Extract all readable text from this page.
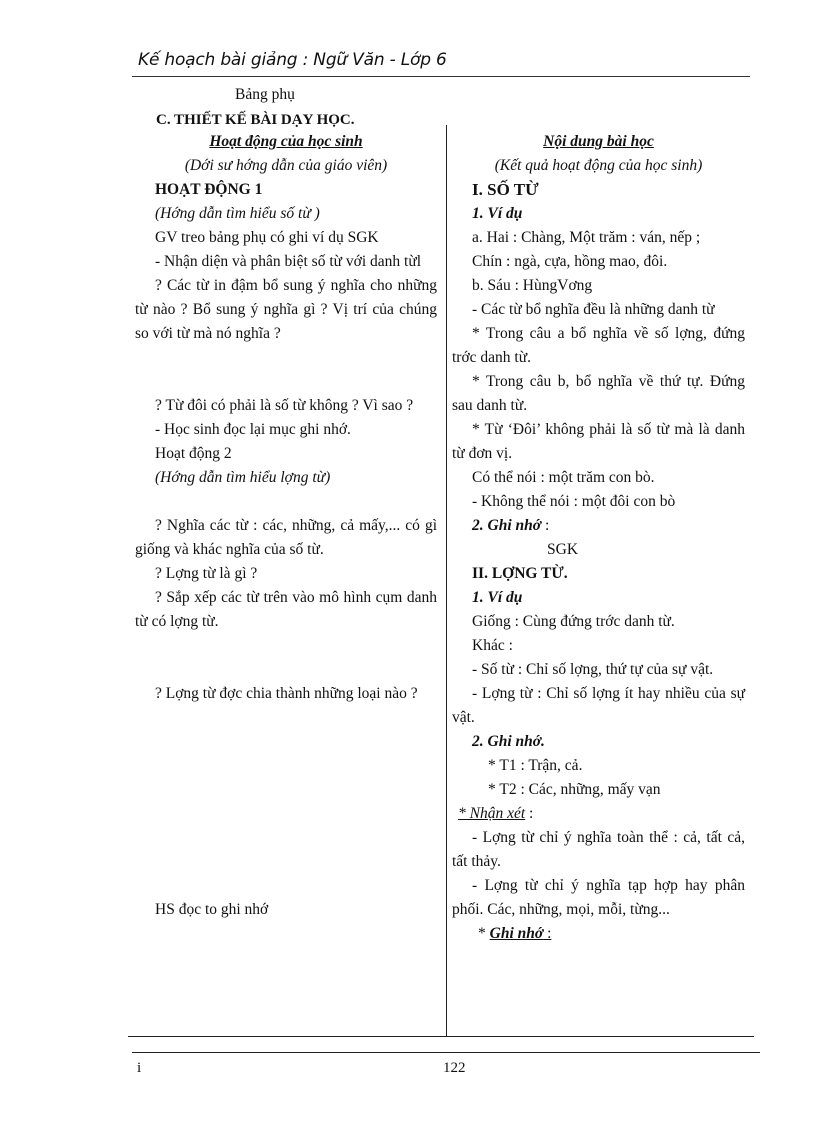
Kế hoạch bài giảng : Ngữ Văn - Lớp 6
Bảng phụ
C. THIẾT KẾ BÀI DẠY HỌC.

Hoạt động của học sinh

(Dới sư hớng dẫn của giáo viên)

HOẠT ĐỘNG 1

(Hớng dẫn tìm hiểu số từ )

GV treo bảng phụ có ghi ví dụ SGK

- Nhận diện và phân biệt số từ với danh từl

? Các từ in đậm bổ sung ý nghĩa cho những từ nào ? Bổ sung ý nghĩa gì ? Vị trí của chúng so với từ mà nó nghĩa ?

? Từ đôi có phải là số từ không ? Vì sao ?

- Học sinh đọc lại mục ghi nhớ.

Hoạt động 2

(Hớng dẫn tìm hiểu lợng từ)

? Nghĩa các từ : các, những, cả mấy,... có gì giống và khác nghĩa của số từ.

? Lợng từ là gì ?

? Sắp xếp các từ trên vào mô hình cụm danh từ có lợng từ.

? Lợng từ đợc chia thành những loại nào ?

HS đọc to ghi nhớ

Nội dung bài học

(Kết quả hoạt động của học sinh)

I. SỐ TỪ

1. Ví dụ

a. Hai : Chàng, Một trăm : ván, nếp ;

Chín : ngà, cựa, hồng mao, đôi.

b. Sáu : HùngVơng

- Các từ bổ nghĩa đều là những danh từ

* Trong câu a bổ nghĩa về số lợng, đứng trớc danh từ.

* Trong câu b, bổ nghĩa về thứ tự. Đứng sau danh từ.

* Từ ‘Đôi’ không phải là số từ mà là danh từ đơn vị.

Có thể nói : một trăm con bò.

- Không thể nói : một đôi con bò

2. Ghi nhớ :

SGK

II. LỢNG TỪ.

1. Ví dụ

Giống : Cùng đứng trớc danh từ.

Khác :

- Số từ : Chỉ số lợng, thứ tự của sự vật.

- Lợng từ : Chỉ số lợng ít hay nhiều của sự vật.

2. Ghi nhớ.

* T1 : Trận, cả.

* T2 : Các, những, mấy vạn

* Nhận xét :

- Lợng từ chỉ ý nghĩa toàn thể : cả, tất cả, tất thảy.

- Lợng từ chỉ ý nghĩa tạp hợp hay phân phối. Các, những, mọi, mỗi, từng...

* Ghi nhớ :

i	122
